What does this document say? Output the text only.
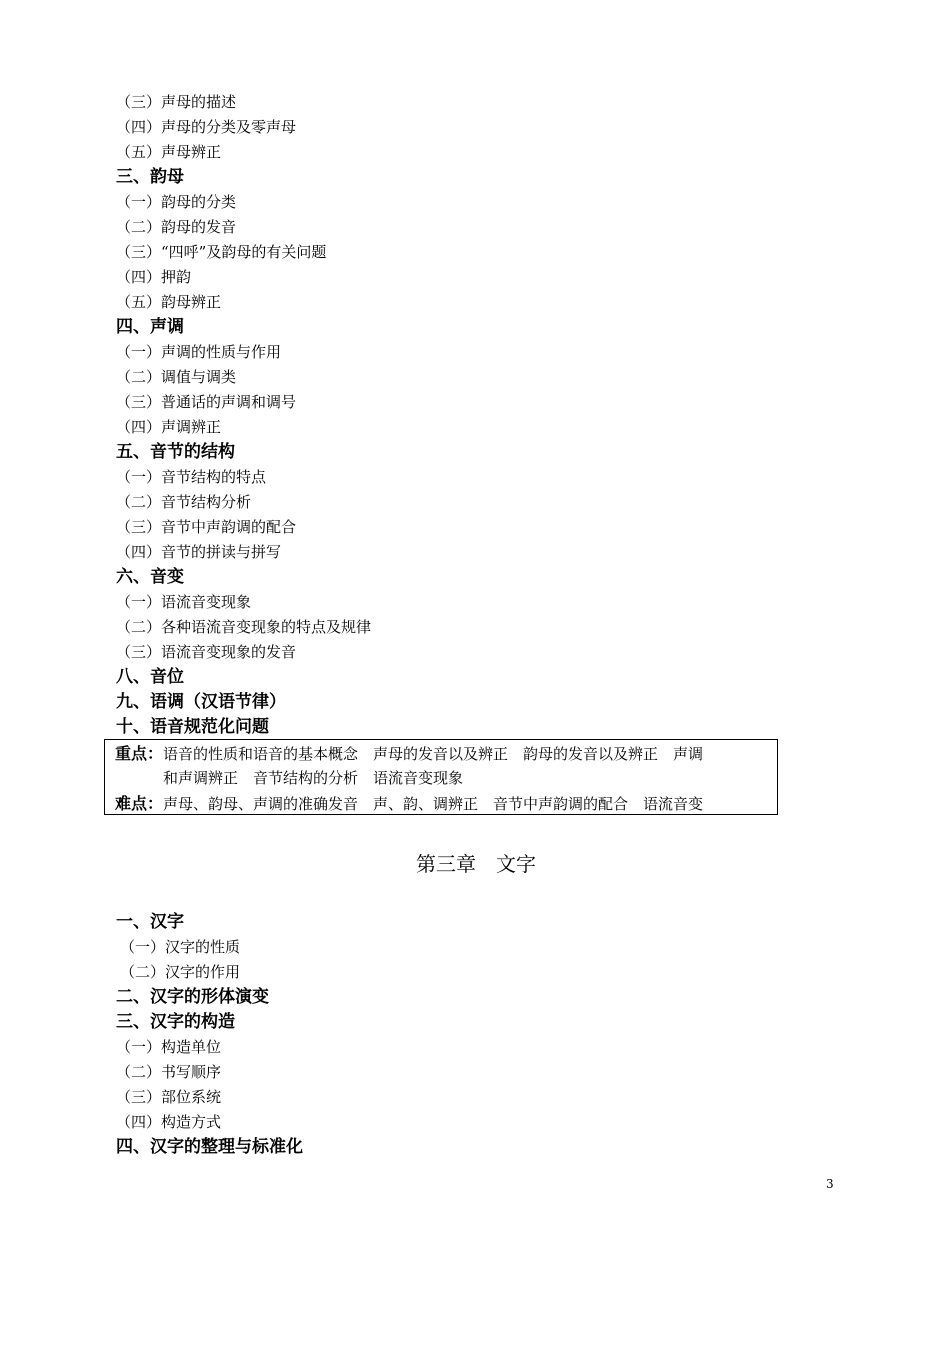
（三）声母的描述
（四）声母的分类及零声母
（五）声母辨正
三、韵母
（一）韵母的分类
（二）韵母的发音
（三）“四呼”及韵母的有关问题
（四）押韵
（五）韵母辨正
四、声调
（一）声调的性质与作用
（二）调值与调类
（三）普通话的声调和调号
（四）声调辨正
五、音节的结构
（一）音节结构的特点
（二）音节结构分析
（三）音节中声韵调的配合
（四）音节的拼读与拼写
六、音变
（一）语流音变现象
（二）各种语流音变现象的特点及规律
（三）语流音变现象的发音
八、音位
九、语调（汉语节律）
十、语音规范化问题
重点：语音的性质和语音的基本概念　声母的发音以及辨正　韵母的发音以及辨正　声调
和声调辨正　音节结构的分析　语流音变现象
难点：声母、韵母、声调的准确发音　声、韵、调辨正　音节中声韵调的配合　语流音变
第三章　文字
一、汉字
（一）汉字的性质
（二）汉字的作用
二、汉字的形体演变
三、汉字的构造
（一）构造单位
（二）书写顺序
（三）部位系统
（四）构造方式
四、汉字的整理与标准化
3
